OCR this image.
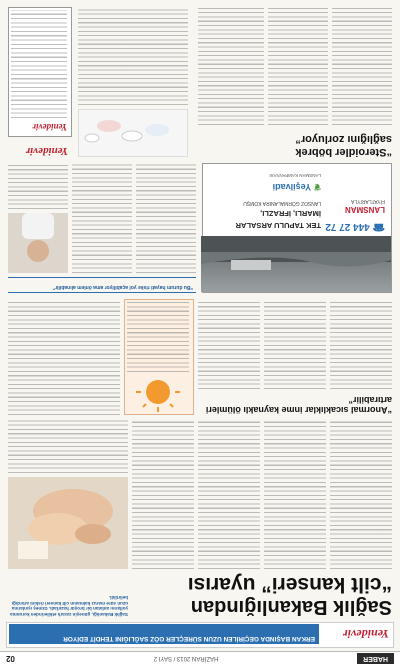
HABER
HAZİRAN 2013 / SAYI 2
02
Yenidevir
ERKAN BAŞINDA GEÇİRİLEN UZUN SÜREÇLER GÖZ SAĞLIĞINI TEHDİT EDİYOR
Sağlık Bakanlığından
“cilt kanseri” uyarısı
Sağlık Bakanlığı, güneşin zararlı etkilerinden korunma yollarını anlatan bir broşür hazırladı. Güneş ışınlarına uzun süre maruz kalmanın cilt kanseri riskini artırdığı belirtildi.
“Anormal sıcaklıklar inme kaynaklı ölümleri artırabilir”
☎ 444 27 72
LANSMAN
FİYATLARIYLA
TEK TAPULU ARSALAR
İMARLI, İFRAZLI,
LANSOZ GÖRMALANIRA KOMŞU
❦ Yeşilvadi
LANSMAN KAMPANYASI
“Bu durum hayati riske yol açabiliyor ama önlem alınabilir”
Yenidevir	“Steroidler böbrek
sağlığını zorluyor”
Yenidevir
